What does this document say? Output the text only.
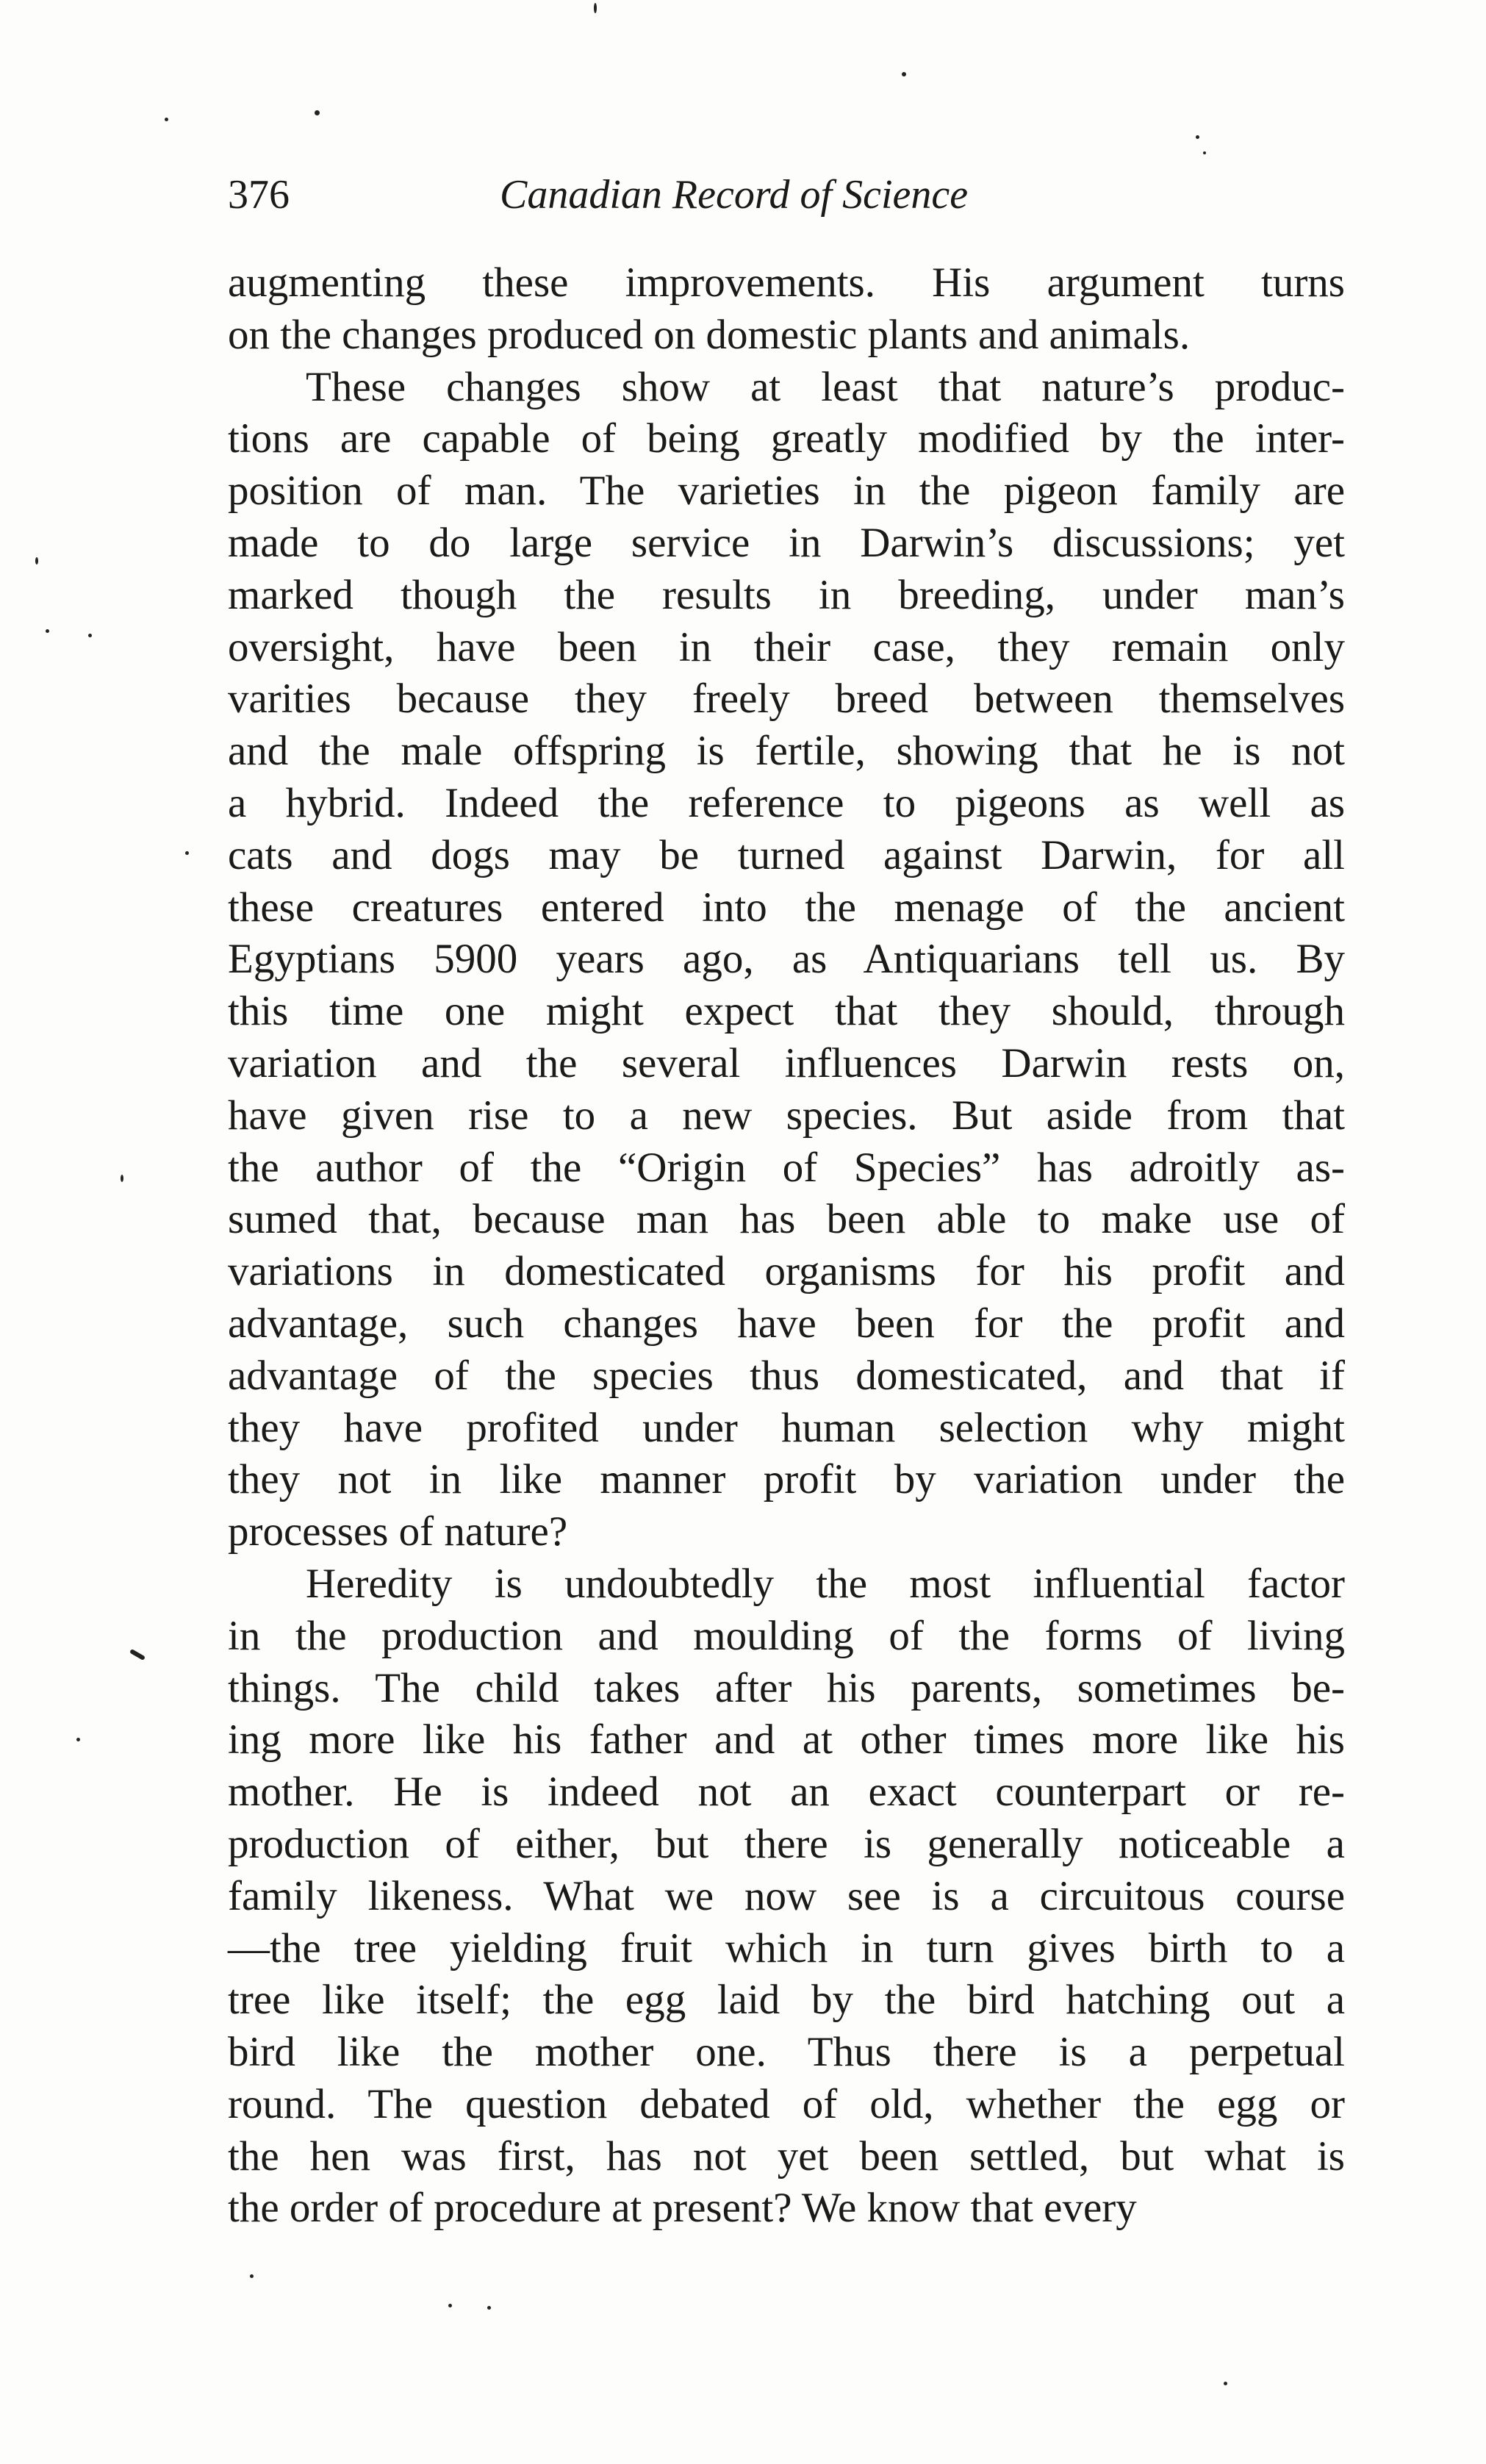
376	Canadian Record of Science
augmenting these improvements. His argument turns
on the changes produced on domestic plants and animals.
These changes show at least that nature’s produc-
tions are capable of being greatly modified by the inter-
position of man. The varieties in the pigeon family are
made to do large service in Darwin’s discussions; yet
marked though the results in breeding, under man’s
oversight, have been in their case, they remain only
varities because they freely breed between themselves
and the male offspring is fertile, showing that he is not
a hybrid. Indeed the reference to pigeons as well as
cats and dogs may be turned against Darwin, for all
these creatures entered into the menage of the ancient
Egyptians 5900 years ago, as Antiquarians tell us. By
this time one might expect that they should, through
variation and the several influences Darwin rests on,
have given rise to a new species. But aside from that
the author of the “Origin of Species” has adroitly as-
sumed that, because man has been able to make use of
variations in domesticated organisms for his profit and
advantage, such changes have been for the profit and
advantage of the species thus domesticated, and that if
they have profited under human selection why might
they not in like manner profit by variation under the
processes of nature?
Heredity is undoubtedly the most influential factor
in the production and moulding of the forms of living
things. The child takes after his parents, sometimes be-
ing more like his father and at other times more like his
mother. He is indeed not an exact counterpart or re-
production of either, but there is generally noticeable a
family likeness. What we now see is a circuitous course
—the tree yielding fruit which in turn gives birth to a
tree like itself; the egg laid by the bird hatching out a
bird like the mother one. Thus there is a perpetual
round. The question debated of old, whether the egg or
the hen was first, has not yet been settled, but what is
the order of procedure at present? We know that every
